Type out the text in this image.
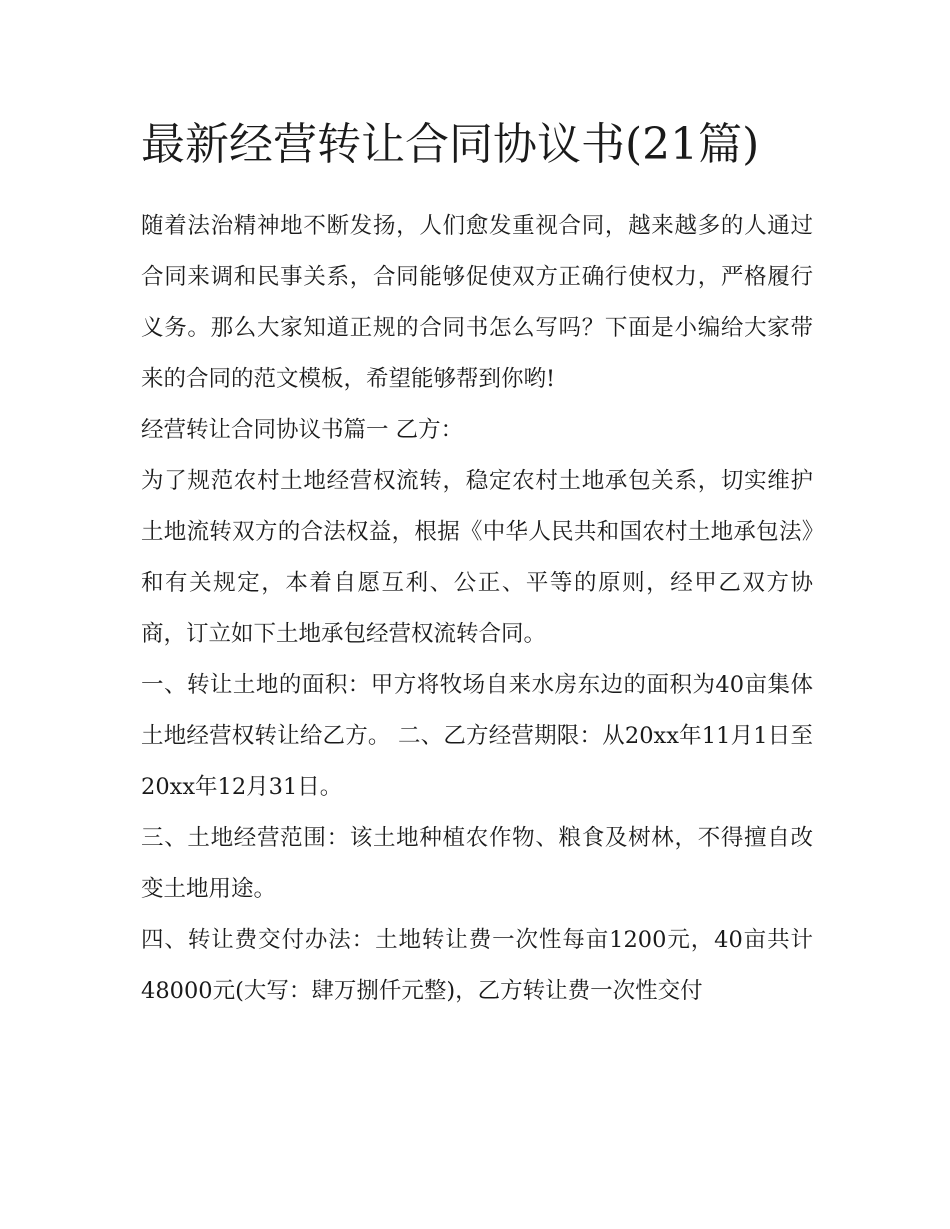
最新经营转让合同协议书(21篇)

随着法治精神地不断发扬，人们愈发重视合同，越来越多的人通过合同来调和民事关系，合同能够促使双方正确行使权力，严格履行义务。那么大家知道正规的合同书怎么写吗？下面是小编给大家带来的合同的范文模板，希望能够帮到你哟!

经营转让合同协议书篇一 乙方：

为了规范农村土地经营权流转，稳定农村土地承包关系，切实维护土地流转双方的合法权益，根据《中华人民共和国农村土地承包法》和有关规定，本着自愿互利、公正、平等的原则，经甲乙双方协商，订立如下土地承包经营权流转合同。

一、转让土地的面积：甲方将牧场自来水房东边的面积为40亩集体土地经营权转让给乙方。 二、乙方经营期限：从20xx年11月1日至20xx年12月31日。

三、土地经营范围：该土地种植农作物、粮食及树林，不得擅自改变土地用途。

四、转让费交付办法：土地转让费一次性每亩1200元，40亩共计48000元(大写：肆万捌仟元整)，乙方转让费一次性交付
